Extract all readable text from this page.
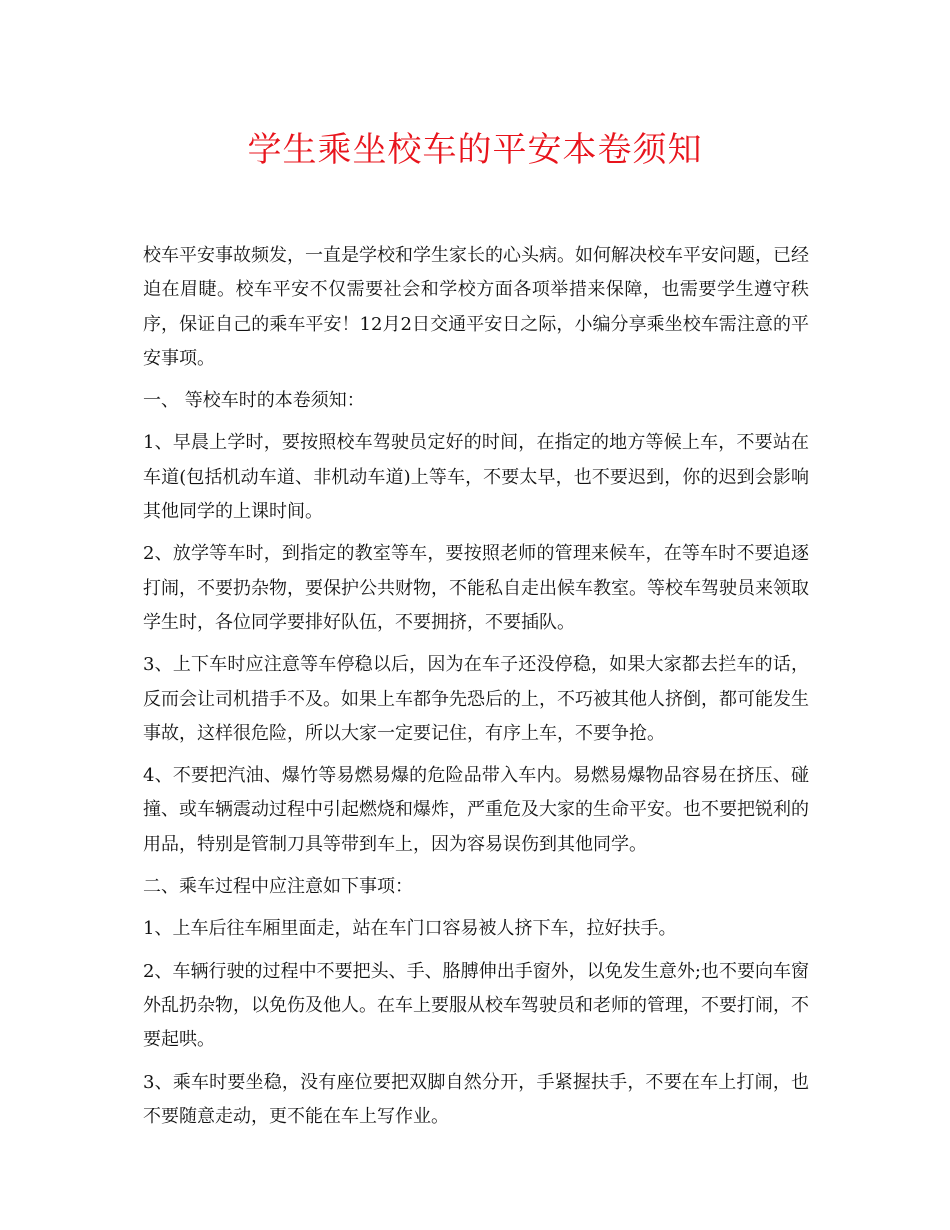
学生乘坐校车的平安本卷须知

校车平安事故频发，一直是学校和学生家长的心头病。如何解决校车平安问题，已经迫在眉睫。校车平安不仅需要社会和学校方面各项举措来保障，也需要学生遵守秩序，保证自己的乘车平安！12月2日交通平安日之际，小编分享乘坐校车需注意的平安事项。

一、 等校车时的本卷须知：

1、早晨上学时，要按照校车驾驶员定好的时间，在指定的地方等候上车，不要站在车道(包括机动车道、非机动车道)上等车，不要太早，也不要迟到，你的迟到会影响其他同学的上课时间。

2、放学等车时，到指定的教室等车，要按照老师的管理来候车，在等车时不要追逐打闹，不要扔杂物，要保护公共财物，不能私自走出候车教室。等校车驾驶员来领取学生时，各位同学要排好队伍，不要拥挤，不要插队。

3、上下车时应注意等车停稳以后，因为在车子还没停稳，如果大家都去拦车的话，反而会让司机措手不及。如果上车都争先恐后的上，不巧被其他人挤倒，都可能发生事故，这样很危险，所以大家一定要记住，有序上车，不要争抢。

4、不要把汽油、爆竹等易燃易爆的危险品带入车内。易燃易爆物品容易在挤压、碰撞、或车辆震动过程中引起燃烧和爆炸，严重危及大家的生命平安。也不要把锐利的用品，特别是管制刀具等带到车上，因为容易误伤到其他同学。

二、乘车过程中应注意如下事项：

1、上车后往车厢里面走，站在车门口容易被人挤下车，拉好扶手。

2、车辆行驶的过程中不要把头、手、胳膊伸出手窗外，以免发生意外;也不要向车窗外乱扔杂物，以免伤及他人。在车上要服从校车驾驶员和老师的管理，不要打闹，不要起哄。

3、乘车时要坐稳，没有座位要把双脚自然分开，手紧握扶手，不要在车上打闹，也不要随意走动，更不能在车上写作业。
